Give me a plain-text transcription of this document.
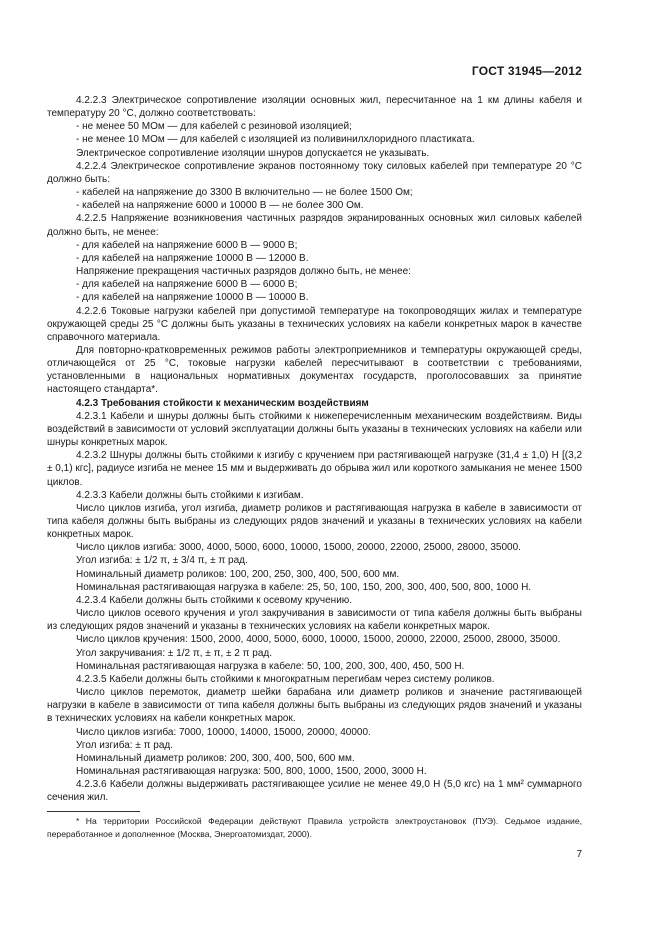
ГОСТ 31945—2012

4.2.2.3 Электрическое сопротивление изоляции основных жил, пересчитанное на 1 км длины кабеля и температуру 20 °С, должно соответствовать:

- не менее 50 МОм — для кабелей с резиновой изоляцией;

- не менее 10 МОм — для кабелей с изоляцией из поливинилхлоридного пластиката.

Электрическое сопротивление изоляции шнуров допускается не указывать.

4.2.2.4 Электрическое сопротивление экранов постоянному току силовых кабелей при температуре 20 °С должно быть:

- кабелей на напряжение до 3300 В включительно — не более 1500 Ом;

- кабелей на напряжение 6000 и 10000 В — не более 300 Ом.

4.2.2.5 Напряжение возникновения частичных разрядов экранированных основных жил силовых кабелей должно быть, не менее:

- для кабелей на напряжение 6000 В — 9000 В;

- для кабелей на напряжение 10000 В — 12000 В.

Напряжение прекращения частичных разрядов должно быть, не менее:

- для кабелей на напряжение 6000 В — 6000 В;

- для кабелей на напряжение 10000 В — 10000 В.

4.2.2.6 Токовые нагрузки кабелей при допустимой температуре на токопроводящих жилах и температуре окружающей среды 25 °С должны быть указаны в технических условиях на кабели конкретных марок в качестве справочного материала.

Для повторно-кратковременных режимов работы электроприемников и температуры окружающей среды, отличающейся от 25 °С, токовые нагрузки кабелей пересчитывают в соответствии с требованиями, установленными в национальных нормативных документах государств, проголосовавших за принятие настоящего стандарта*.

4.2.3 Требования стойкости к механическим воздействиям

4.2.3.1 Кабели и шнуры должны быть стойкими к нижеперечисленным механическим воздействиям. Виды воздействий в зависимости от условий эксплуатации должны быть указаны в технических условиях на кабели или шнуры конкретных марок.

4.2.3.2 Шнуры должны быть стойкими к изгибу с кручением при растягивающей нагрузке (31,4 ± 1,0) Н [(3,2 ± 0,1) кгс], радиусе изгиба не менее 15 мм и выдерживать до обрыва жил или короткого замыкания не менее 1500 циклов.

4.2.3.3 Кабели должны быть стойкими к изгибам.

Число циклов изгиба, угол изгиба, диаметр роликов и растягивающая нагрузка в кабеле в зависимости от типа кабеля должны быть выбраны из следующих рядов значений и указаны в технических условиях на кабели конкретных марок.

Число циклов изгиба: 3000, 4000, 5000, 6000, 10000, 15000, 20000, 22000, 25000, 28000, 35000.

Угол изгиба: ± 1/2 π, ± 3/4 π, ± π рад.

Номинальный диаметр роликов: 100, 200, 250, 300, 400, 500, 600 мм.

Номинальная растягивающая нагрузка в кабеле: 25, 50, 100, 150, 200, 300, 400, 500, 800, 1000 Н.

4.2.3.4 Кабели должны быть стойкими к осевому кручению.

Число циклов осевого кручения и угол закручивания в зависимости от типа кабеля должны быть выбраны из следующих рядов значений и указаны в технических условиях на кабели конкретных марок.

Число циклов кручения: 1500, 2000, 4000, 5000, 6000, 10000, 15000, 20000, 22000, 25000, 28000, 35000.

Угол закручивания: ± 1/2 π, ± π, ± 2 π рад.

Номинальная растягивающая нагрузка в кабеле: 50, 100, 200, 300, 400, 450, 500 Н.

4.2.3.5 Кабели должны быть стойкими к многократным перегибам через систему роликов.

Число циклов перемоток, диаметр шейки барабана или диаметр роликов и значение растягивающей нагрузки в кабеле в зависимости от типа кабеля должны быть выбраны из следующих рядов значений и указаны в технических условиях на кабели конкретных марок.

Число циклов изгиба: 7000, 10000, 14000, 15000, 20000, 40000.

Угол изгиба: ± π рад.

Номинальный диаметр роликов: 200, 300, 400, 500, 600 мм.

Номинальная растягивающая нагрузка: 500, 800, 1000, 1500, 2000, 3000 Н.

4.2.3.6 Кабели должны выдерживать растягивающее усилие не менее 49,0 Н (5,0 кгс) на 1 мм² суммарного сечения жил.

* На территории Российской Федерации действуют Правила устройств электроустановок (ПУЭ). Седьмое издание, переработанное и дополненное (Москва, Энергоатомиздат, 2000).

7
